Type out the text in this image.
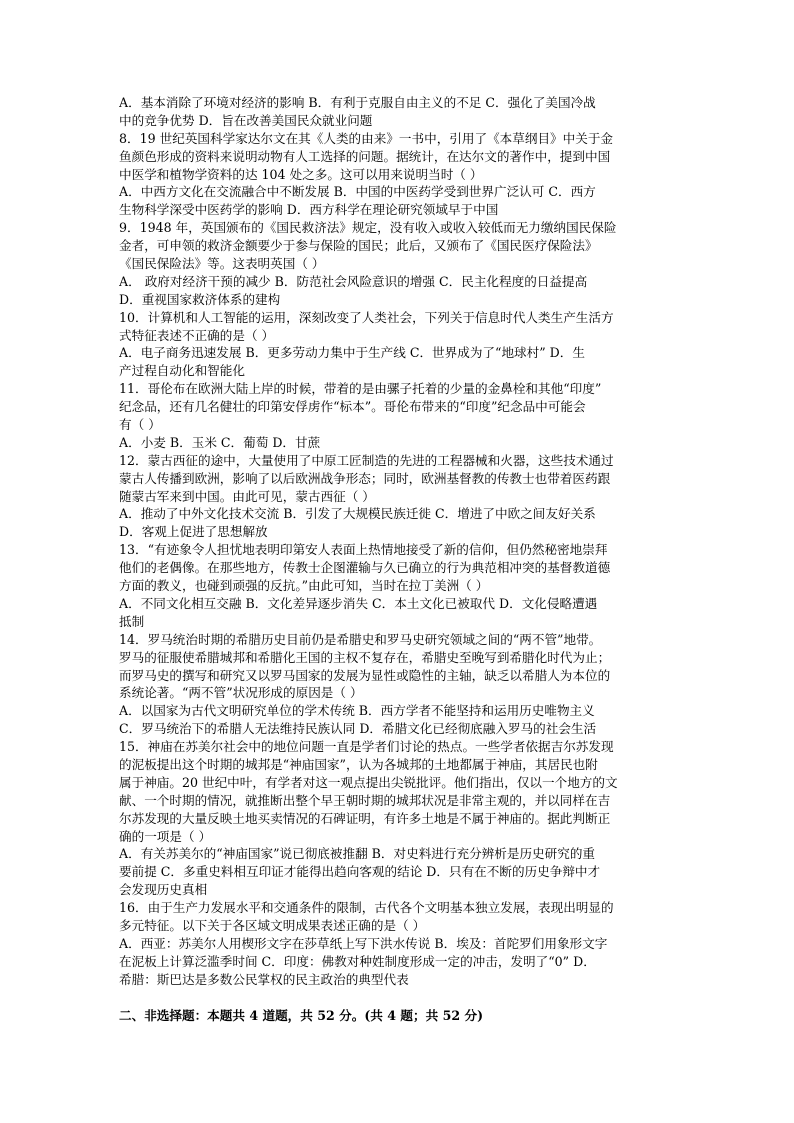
A．基本消除了环境对经济的影响 B．有利于克服自由主义的不足 C．强化了美国冷战
中的竞争优势 D．旨在改善美国民众就业问题
8．19 世纪英国科学家达尔文在其《人类的由来》一书中，引用了《本草纲目》中关于金
鱼颜色形成的资料来说明动物有人工选择的问题。据统计，在达尔文的著作中，提到中国
中医学和植物学资料的达 104 处之多。这可以用来说明当时（ ）
A．中西方文化在交流融合中不断发展 B．中国的中医药学受到世界广泛认可 C．西方
生物科学深受中医药学的影响 D．西方科学在理论研究领域早于中国
9．1948 年，英国颁布的《国民救济法》规定，没有收入或收入较低而无力缴纳国民保险
金者，可申领的救济金额要少于参与保险的国民；此后，又颁布了《国民医疗保险法》
《国民保险法》等。这表明英国（ ）
A． 政府对经济干预的减少 B．防范社会风险意识的增强 C．民主化程度的日益提高
D．重视国家救济体系的建构
10．计算机和人工智能的运用，深刻改变了人类社会，下列关于信息时代人类生产生活方
式特征表述不正确的是（ ）
A．电子商务迅速发展 B．更多劳动力集中于生产线 C．世界成为了“地球村” D．生
产过程自动化和智能化
11．哥伦布在欧洲大陆上岸的时候，带着的是由骡子托着的少量的金鼻栓和其他“印度”
纪念品，还有几名健壮的印第安俘虏作“标本”。哥伦布带来的“印度”纪念品中可能会
有（ ）
A．小麦 B．玉米 C．葡萄 D．甘蔗
12．蒙古西征的途中，大量使用了中原工匠制造的先进的工程器械和火器，这些技术通过
蒙古人传播到欧洲，影响了以后欧洲战争形态；同时，欧洲基督教的传教士也带着医药跟
随蒙古军来到中国。由此可见，蒙古西征（ ）
A．推动了中外文化技术交流 B．引发了大规模民族迁徙 C．增进了中欧之间友好关系
D．客观上促进了思想解放
13．“有迹象令人担忧地表明印第安人表面上热情地接受了新的信仰，但仍然秘密地崇拜
他们的老偶像。在那些地方，传教士企图灌输与久已确立的行为典范相冲突的基督教道德
方面的教义，也碰到顽强的反抗。”由此可知，当时在拉丁美洲（ ）
A．不同文化相互交融 B．文化差异逐步消失 C．本土文化已被取代 D．文化侵略遭遇
抵制
14．罗马统治时期的希腊历史目前仍是希腊史和罗马史研究领域之间的“两不管”地带。
罗马的征服使希腊城邦和希腊化王国的主权不复存在，希腊史至晚写到希腊化时代为止；
而罗马史的撰写和研究又以罗马国家的发展为显性或隐性的主轴，缺乏以希腊人为本位的
系统论著。“两不管”状况形成的原因是（ ）
A．以国家为古代文明研究单位的学术传统 B．西方学者不能坚持和运用历史唯物主义
C．罗马统治下的希腊人无法维持民族认同 D．希腊文化已经彻底融入罗马的社会生活
15．神庙在苏美尔社会中的地位问题一直是学者们讨论的热点。一些学者依据吉尔苏发现
的泥板提出这个时期的城邦是“神庙国家”，认为各城邦的土地都属于神庙，其居民也附
属于神庙。20 世纪中叶，有学者对这一观点提出尖锐批评。他们指出，仅以一个地方的文
献、一个时期的情况，就推断出整个早王朝时期的城邦状况是非常主观的，并以同样在吉
尔苏发现的大量反映土地买卖情况的石碑证明，有许多土地是不属于神庙的。据此判断正
确的一项是（ ）
A．有关苏美尔的“神庙国家”说已彻底被推翻 B．对史料进行充分辨析是历史研究的重
要前提 C．多重史料相互印证才能得出趋向客观的结论 D．只有在不断的历史争辩中才
会发现历史真相
16．由于生产力发展水平和交通条件的限制，古代各个文明基本独立发展，表现出明显的
多元特征。以下关于各区域文明成果表述正确的是（ ）
A．西亚：苏美尔人用楔形文字在莎草纸上写下洪水传说 B．埃及：首陀罗们用象形文字
在泥板上计算泛滥季时间 C．印度：佛教对种姓制度形成一定的冲击，发明了“0” D．
希腊：斯巴达是多数公民掌权的民主政治的典型代表
二、非选择题：本题共 4 道题，共 52 分。(共 4 题；共 52 分)
